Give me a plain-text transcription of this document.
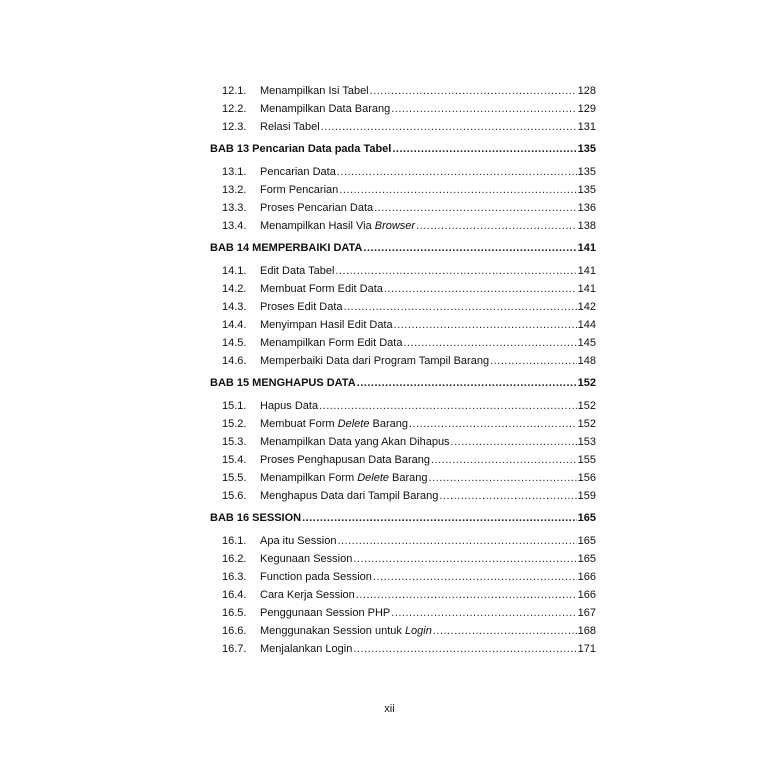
12.1.	Menampilkan Isi Tabel .....	128
12.2.	Menampilkan Data Barang .....	129
12.3.	Relasi Tabel .....	131
BAB 13 Pencarian Data pada Tabel .....	135
13.1.	Pencarian Data .....	135
13.2.	Form Pencarian .....	135
13.3.	Proses Pencarian Data .....	136
13.4.	Menampilkan Hasil Via Browser .....	138
BAB 14 MEMPERBAIKI DATA .....	141
14.1.	Edit Data Tabel .....	141
14.2.	Membuat Form Edit Data .....	141
14.3.	Proses Edit Data .....	142
14.4.	Menyimpan Hasil Edit Data .....	144
14.5.	Menampilkan Form Edit Data .....	145
14.6.	Memperbaiki Data dari Program Tampil Barang .....	148
BAB 15 MENGHAPUS DATA .....	152
15.1.	Hapus Data .....	152
15.2.	Membuat Form Delete Barang .....	152
15.3.	Menampilkan Data yang Akan Dihapus .....	153
15.4.	Proses Penghapusan Data Barang .....	155
15.5.	Menampilkan Form Delete Barang .....	156
15.6.	Menghapus Data dari Tampil Barang .....	159
BAB 16 SESSION .....	165
16.1.	Apa itu Session .....	165
16.2.	Kegunaan Session .....	165
16.3.	Function pada Session .....	166
16.4.	Cara Kerja Session .....	166
16.5.	Penggunaan Session PHP .....	167
16.6.	Menggunakan Session untuk Login .....	168
16.7.	Menjalankan Login .....	171
xii
